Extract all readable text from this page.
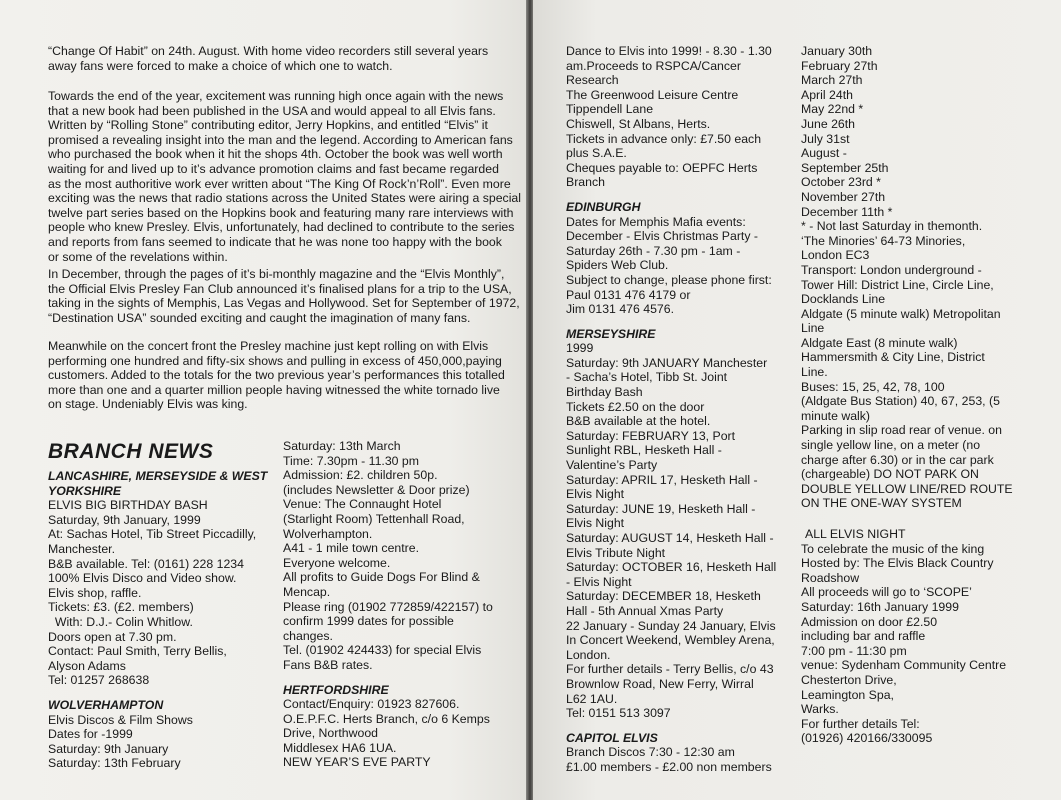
“Change Of Habit” on 24th. August. With home video recorders still several years
away fans were forced to make a choice of which one to watch.

Towards the end of the year, excitement was running high once again with the news
that a new book had been published in the USA and would appeal to all Elvis fans.
Written by “Rolling Stone” contributing editor, Jerry Hopkins, and entitled “Elvis” it
promised a revealing insight into the man and the legend. According to American fans
who purchased the book when it hit the shops 4th. October the book was well worth
waiting for and lived up to it’s advance promotion claims and fast became regarded
as the most authoritive work ever written about “The King Of Rock’n’Roll”. Even more
exciting was the news that radio stations across the United States were airing a special
twelve part series based on the Hopkins book and featuring many rare interviews with
people who knew Presley. Elvis, unfortunately, had declined to contribute to the series
and reports from fans seemed to indicate that he was none too happy with the book
or some of the revelations within.

In December, through the pages of it’s bi-monthly magazine and the “Elvis Monthly”,
the Official Elvis Presley Fan Club announced it’s finalised plans for a trip to the USA,
taking in the sights of Memphis, Las Vegas and Hollywood. Set for September of 1972,
“Destination USA” sounded exciting and caught the imagination of many fans.

Meanwhile on the concert front the Presley machine just kept rolling on with Elvis
performing one hundred and fifty-six shows and pulling in excess of 450,000,paying
customers. Added to the totals for the two previous year’s performances this totalled
more than one and a quarter million people having witnessed the white tornado live
on stage. Undeniably Elvis was king.

BRANCH NEWS
LANCASHIRE, MERSEYSIDE & WEST
YORKSHIRE
ELVIS BIG BIRTHDAY BASH
Saturday, 9th January, 1999
At: Sachas Hotel, Tib Street Piccadilly,
Manchester.
B&B available. Tel: (0161) 228 1234
100% Elvis Disco and Video show.
Elvis shop, raffle.
Tickets: £3. (£2. members)
With: D.J.- Colin Whitlow.
Doors open at 7.30 pm.
Contact: Paul Smith, Terry Bellis,
Alyson Adams
Tel: 01257 268638
WOLVERHAMPTON
Elvis Discos & Film Shows
Dates for -1999
Saturday: 9th January
Saturday: 13th February
Saturday: 13th March
Time: 7.30pm - 11.30 pm
Admission: £2. children 50p.
(includes Newsletter & Door prize)
Venue: The Connaught Hotel
(Starlight Room) Tettenhall Road,
Wolverhampton.
A41 - 1 mile town centre.
Everyone welcome.
All profits to Guide Dogs For Blind &
Mencap.
Please ring (01902 772859/422157) to
confirm 1999 dates for possible
changes.
Tel. (01902 424433) for special Elvis
Fans B&B rates.
HERTFORDSHIRE
Contact/Enquiry: 01923 827606.
O.E.P.F.C. Herts Branch, c/o 6 Kemps
Drive, Northwood
Middlesex HA6 1UA.
NEW YEAR’S EVE PARTY
Dance to Elvis into 1999! - 8.30 - 1.30
am.Proceeds to RSPCA/Cancer
Research
The Greenwood Leisure Centre
Tippendell Lane
Chiswell, St Albans, Herts.
Tickets in advance only: £7.50 each
plus S.A.E.
Cheques payable to: OEPFC Herts
Branch
EDINBURGH
Dates for Memphis Mafia events:
December - Elvis Christmas Party -
Saturday 26th - 7.30 pm - 1am -
Spiders Web Club.
Subject to change, please phone first:
Paul 0131 476 4179 or
Jim 0131 476 4576.
MERSEYSHIRE
1999
Saturday: 9th JANUARY Manchester
- Sacha’s Hotel, Tibb St. Joint
Birthday Bash
Tickets £2.50 on the door
B&B available at the hotel.
Saturday: FEBRUARY 13, Port
Sunlight RBL, Hesketh Hall -
Valentine’s Party
Saturday: APRIL 17, Hesketh Hall -
Elvis Night
Saturday: JUNE 19, Hesketh Hall -
Elvis Night
Saturday: AUGUST 14, Hesketh Hall -
Elvis Tribute Night
Saturday: OCTOBER 16, Hesketh Hall
- Elvis Night
Saturday: DECEMBER 18, Hesketh
Hall - 5th Annual Xmas Party
22 January - Sunday 24 January, Elvis
In Concert Weekend, Wembley Arena,
London.
For further details - Terry Bellis, c/o 43
Brownlow Road, New Ferry, Wirral
L62 1AU.
Tel: 0151 513 3097
CAPITOL ELVIS
Branch Discos 7:30 - 12:30 am
£1.00 members - £2.00 non members
January 30th
February 27th
March 27th
April 24th
May 22nd *
June 26th
July 31st
August -
September 25th
October 23rd *
November 27th
December 11th *
* - Not last Saturday in themonth.
‘The Minories’ 64-73 Minories,
London EC3
Transport: London underground -
Tower Hill: District Line, Circle Line,
Docklands Line
Aldgate (5 minute walk) Metropolitan
Line
Aldgate East (8 minute walk)
Hammersmith & City Line, District
Line.
Buses: 15, 25, 42, 78, 100
(Aldgate Bus Station) 40, 67, 253, (5
minute walk)
Parking in slip road rear of venue. on
single yellow line, on a meter (no
charge after 6.30) or in the car park
(chargeable) DO NOT PARK ON
DOUBLE YELLOW LINE/RED ROUTE
ON THE ONE-WAY SYSTEM
ALL ELVIS NIGHT
To celebrate the music of the king
Hosted by: The Elvis Black Country
Roadshow
All proceeds will go to ‘SCOPE’
Saturday: 16th January 1999
Admission on door £2.50
including bar and raffle
7:00 pm - 11:30 pm
venue: Sydenham Community Centre
Chesterton Drive,
Leamington Spa,
Warks.
For further details Tel:
(01926) 420166/330095
